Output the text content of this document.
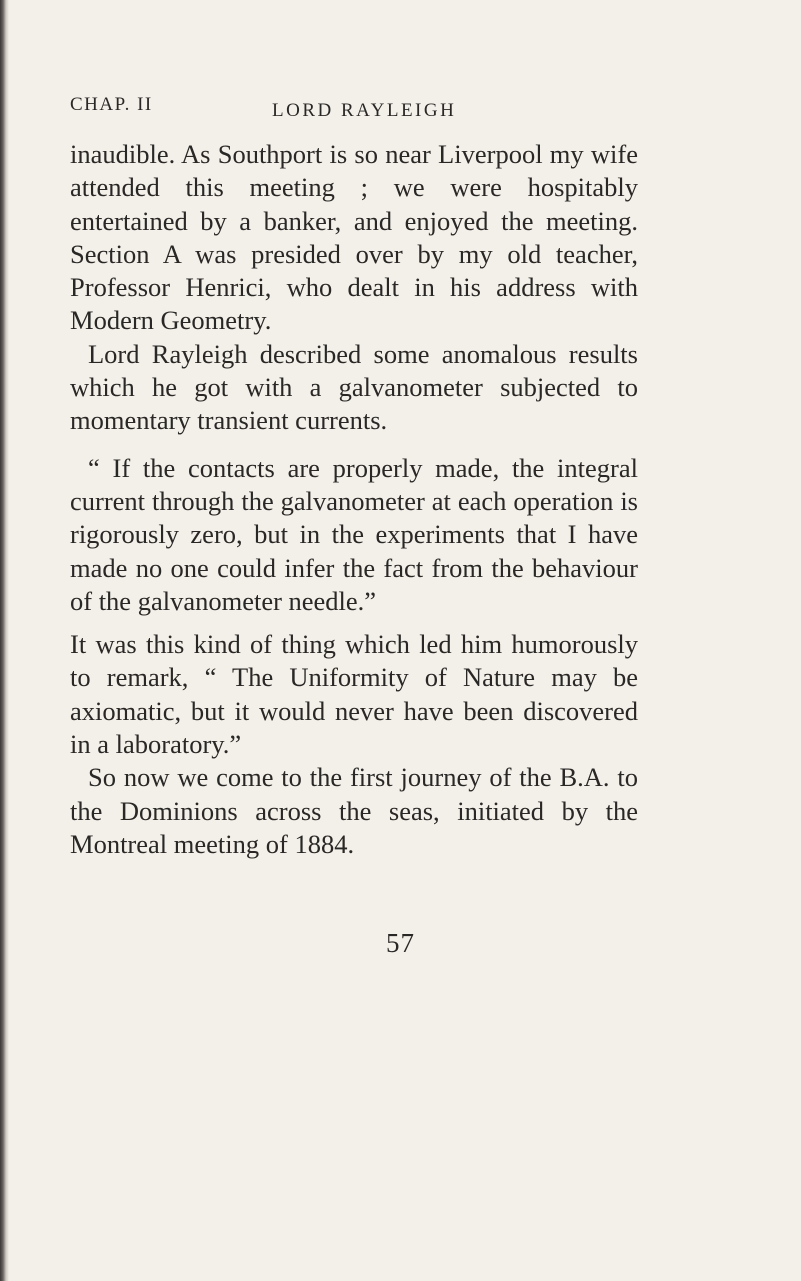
CHAP. II	LORD RAYLEIGH

inaudible. As Southport is so near Liverpool my wife attended this meeting ; we were hospitably entertained by a banker, and enjoyed the meeting. Section A was presided over by my old teacher, Professor Henrici, who dealt in his address with Modern Geometry.

Lord Rayleigh described some anomalous results which he got with a galvanometer subjected to momentary transient currents.

“ If the contacts are properly made, the integral current through the galvanometer at each operation is rigorously zero, but in the experiments that I have made no one could infer the fact from the behaviour of the galvanometer needle.”

It was this kind of thing which led him humorously to remark, “ The Uniformity of Nature may be axiomatic, but it would never have been discovered in a laboratory.”

So now we come to the first journey of the B.A. to the Dominions across the seas, initiated by the Montreal meeting of 1884.

57
